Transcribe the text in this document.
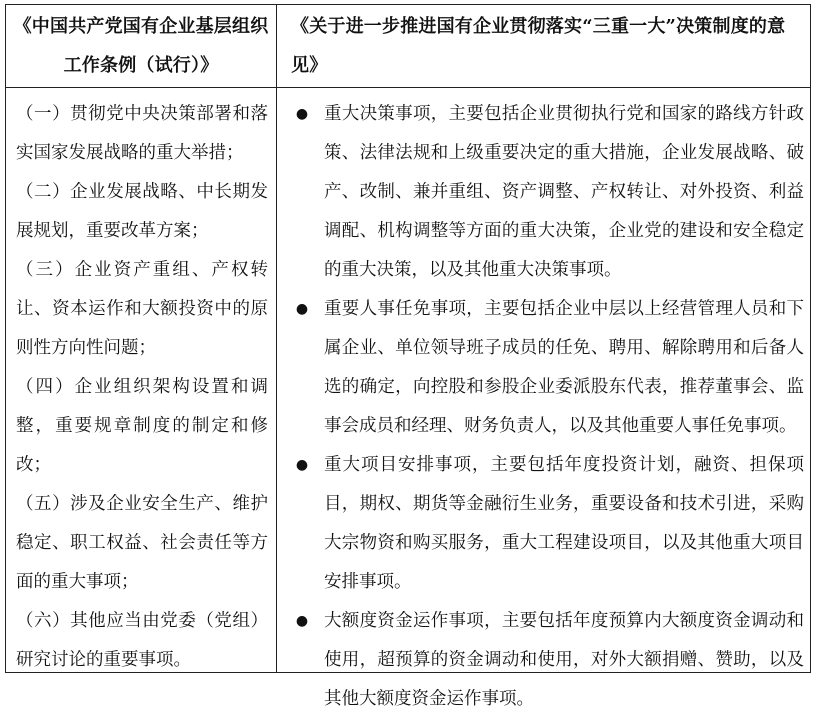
《中国共产党国有企业基层组织工作条例（试行）》
《关于进一步推进国有企业贯彻落实“三重一大”决策制度的意见》

（一）贯彻党中央决策部署和落实国家发展战略的重大举措；

（二）企业发展战略、中长期发展规划，重要改革方案；

（三）企业资产重组、产权转让、资本运作和大额投资中的原则性方向性问题；

（四）企业组织架构设置和调整，重要规章制度的制定和修改；

（五）涉及企业安全生产、维护稳定、职工权益、社会责任等方面的重大事项；

（六）其他应当由党委（党组）研究讨论的重要事项。

● 重大决策事项，主要包括企业贯彻执行党和国家的路线方针政策、法律法规和上级重要决定的重大措施，企业发展战略、破产、改制、兼并重组、资产调整、产权转让、对外投资、利益调配、机构调整等方面的重大决策，企业党的建设和安全稳定的重大决策，以及其他重大决策事项。
● 重要人事任免事项，主要包括企业中层以上经营管理人员和下属企业、单位领导班子成员的任免、聘用、解除聘用和后备人选的确定，向控股和参股企业委派股东代表，推荐董事会、监事会成员和经理、财务负责人，以及其他重要人事任免事项。
● 重大项目安排事项，主要包括年度投资计划，融资、担保项目，期权、期货等金融衍生业务，重要设备和技术引进，采购大宗物资和购买服务，重大工程建设项目，以及其他重大项目安排事项。
● 大额度资金运作事项，主要包括年度预算内大额度资金调动和使用，超预算的资金调动和使用，对外大额捐赠、赞助，以及其他大额度资金运作事项。
